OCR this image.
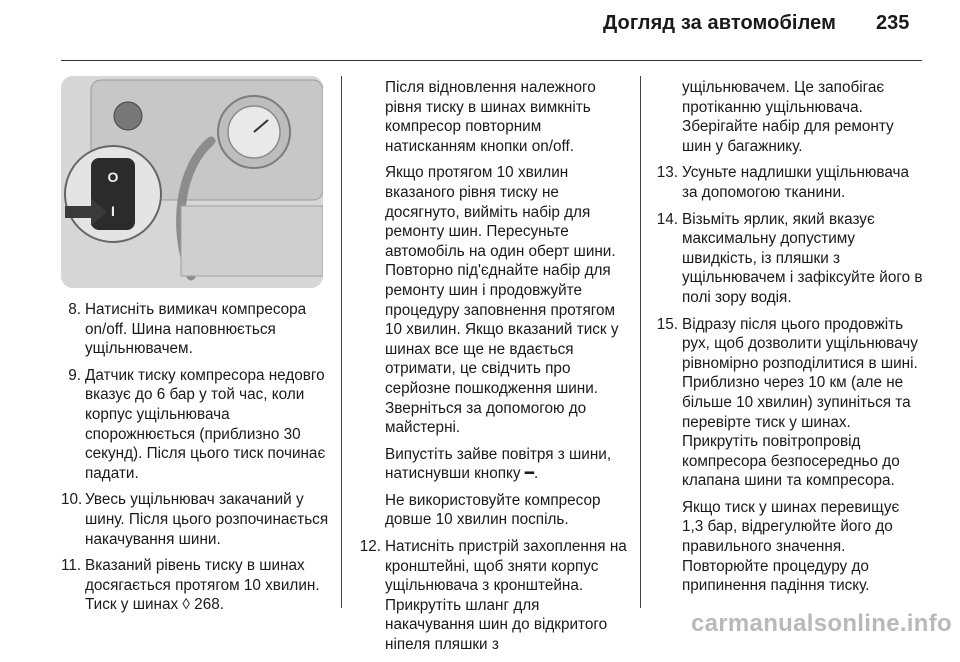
Догляд за автомобілем 235
O
I
8. Натисніть вимикач компресора on/off. Шина наповнюється ущільнювачем.
9. Датчик тиску компресора недовго вказує до 6 бар у той час, коли корпус ущільнювача спорожнюється (приблизно 30 секунд). Після цього тиск починає падати.
10. Увесь ущільнювач закачаний у шину. Після цього розпочинається накачування шини.
11. Вказаний рівень тиску в шинах досягається протягом 10 хвилин. Тиск у шинах ◊ 268.

Після відновлення належного рівня тиску в шинах вимкніть компресор повторним натисканням кнопки on/off.

Якщо протягом 10 хвилин вказаного рівня тиску не досягнуто, вийміть набір для ремонту шин. Пересуньте автомобіль на один оберт шини. Повторно під'єднайте набір для ремонту шин і продовжуйте процедуру заповнення протягом 10 хвилин. Якщо вказаний тиск у шинах все ще не вдається отримати, це свідчить про серйозне пошкодження шини. Зверніться за допомогою до майстерні.

Випустіть зайве повітря з шини, натиснувши кнопку ━.

Не використовуйте компресор довше 10 хвилин поспіль.

12. Натисніть пристрій захоплення на кронштейні, щоб зняти корпус ущільнювача з кронштейна. Прикрутіть шланг для накачування шин до відкритого ніпеля пляшки з

ущільнювачем. Це запобігає протіканню ущільнювача. Зберігайте набір для ремонту шин у багажнику.

13. Усуньте надлишки ущільнювача за допомогою тканини.
14. Візьміть ярлик, який вказує максимальну допустиму швидкість, із пляшки з ущільнювачем і зафіксуйте його в полі зору водія.
15. Відразу після цього продовжіть рух, щоб дозволити ущільнювачу рівномірно розподілитися в шині. Приблизно через 10 км (але не більше 10 хвилин) зупиніться та перевірте тиск у шинах. Прикрутіть повітропровід компресора безпосередньо до клапана шини та компресора.

Якщо тиск у шинах перевищує 1,3 бар, відрегулюйте його до правильного значення. Повторюйте процедуру до припинення падіння тиску.

carmanualsonline.info
